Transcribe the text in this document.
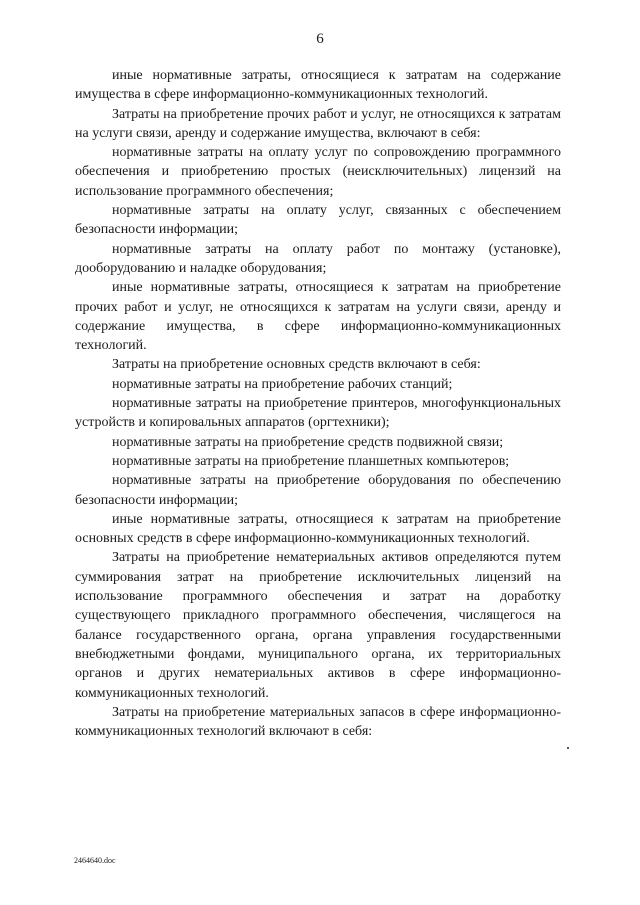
6

иные нормативные затраты, относящиеся к затратам на содержание имущества в сфере информационно-коммуникационных технологий.

Затраты на приобретение прочих работ и услуг, не относящихся к затратам на услуги связи, аренду и содержание имущества, включают в себя:

нормативные затраты на оплату услуг по сопровождению программного обеспечения и приобретению простых (неисключительных) лицензий на использование программного обеспечения;

нормативные затраты на оплату услуг, связанных с обеспечением безопасности информации;

нормативные затраты на оплату работ по монтажу (установке), дооборудованию и наладке оборудования;

иные нормативные затраты, относящиеся к затратам на приобретение прочих работ и услуг, не относящихся к затратам на услуги связи, аренду и содержание имущества, в сфере информационно-коммуникационных технологий.

Затраты на приобретение основных средств включают в себя:

нормативные затраты на приобретение рабочих станций;

нормативные затраты на приобретение принтеров, многофункциональных устройств и копировальных аппаратов (оргтехники);

нормативные затраты на приобретение средств подвижной связи;

нормативные затраты на приобретение планшетных компьютеров;

нормативные затраты на приобретение оборудования по обеспечению безопасности информации;

иные нормативные затраты, относящиеся к затратам на приобретение основных средств в сфере информационно-коммуникационных технологий.

Затраты на приобретение нематериальных активов определяются путем суммирования затрат на приобретение исключительных лицензий на использование программного обеспечения и затрат на доработку существующего прикладного программного обеспечения, числящегося на балансе государственного органа, органа управления государственными внебюджетными фондами, муниципального органа, их территориальных органов и других нематериальных активов в сфере информационно-коммуникационных технологий.

Затраты на приобретение материальных запасов в сфере информационно-коммуникационных технологий включают в себя:

2464640.doc
